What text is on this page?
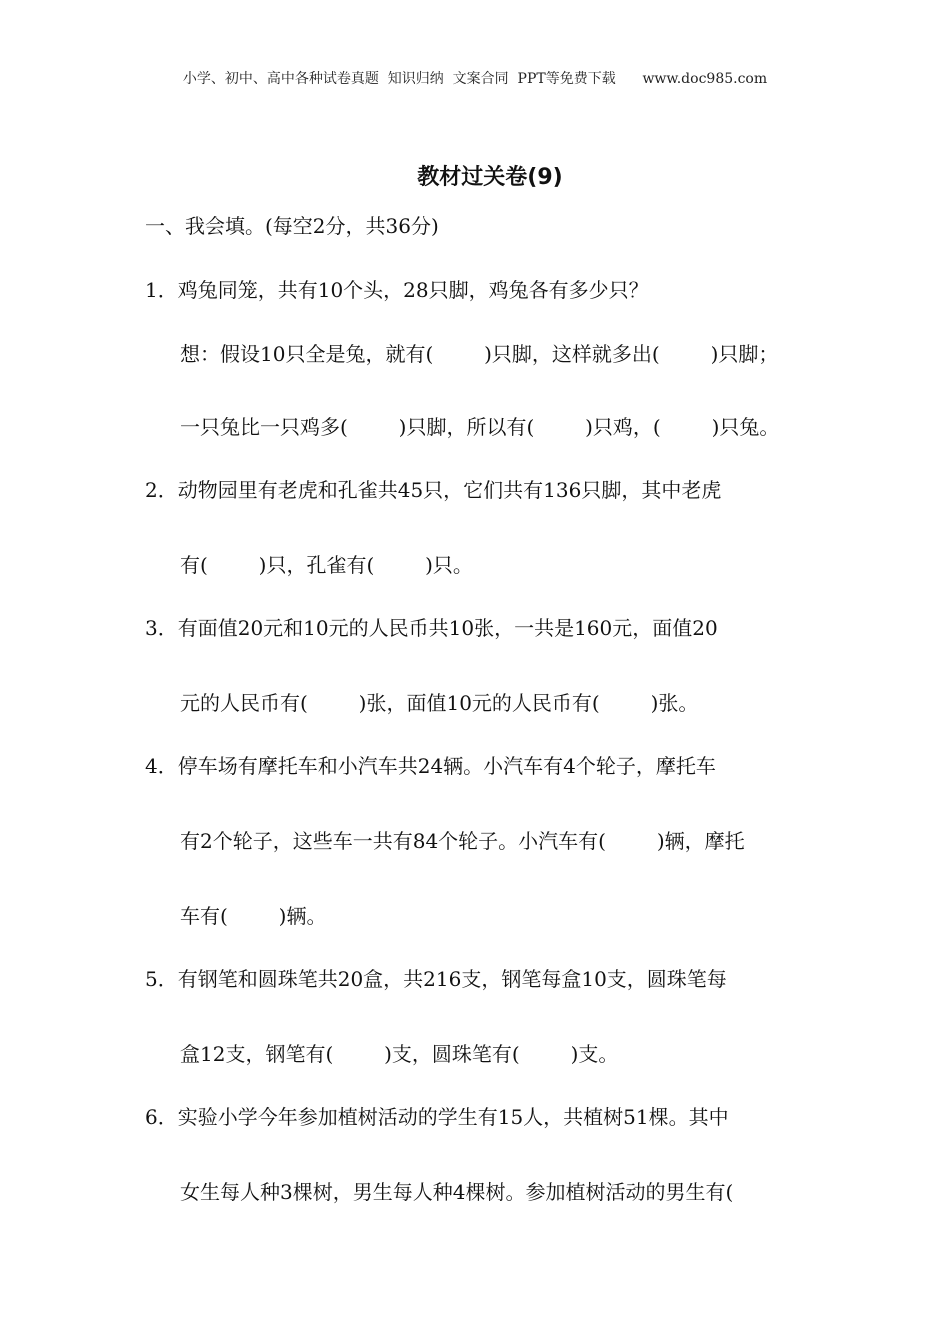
小学、初中、高中各种试卷真题  知识归纳  文案合同  PPT等免费下载      www.doc985.com
教材过关卷(9)
一、我会填。(每空2分，共36分)
1．鸡兔同笼，共有10个头，28只脚，鸡兔各有多少只？
想：假设10只全是兔，就有(        )只脚，这样就多出(        )只脚；
一只兔比一只鸡多(        )只脚，所以有(        )只鸡，(        )只兔。
2．动物园里有老虎和孔雀共45只，它们共有136只脚，其中老虎
有(        )只，孔雀有(        )只。
3．有面值20元和10元的人民币共10张，一共是160元，面值20
元的人民币有(        )张，面值10元的人民币有(        )张。
4．停车场有摩托车和小汽车共24辆。小汽车有4个轮子，摩托车
有2个轮子，这些车一共有84个轮子。小汽车有(        )辆，摩托
车有(        )辆。
5．有钢笔和圆珠笔共20盒，共216支，钢笔每盒10支，圆珠笔每
盒12支，钢笔有(        )支，圆珠笔有(        )支。
6．实验小学今年参加植树活动的学生有15人，共植树51棵。其中
女生每人种3棵树，男生每人种4棵树。参加植树活动的男生有(
